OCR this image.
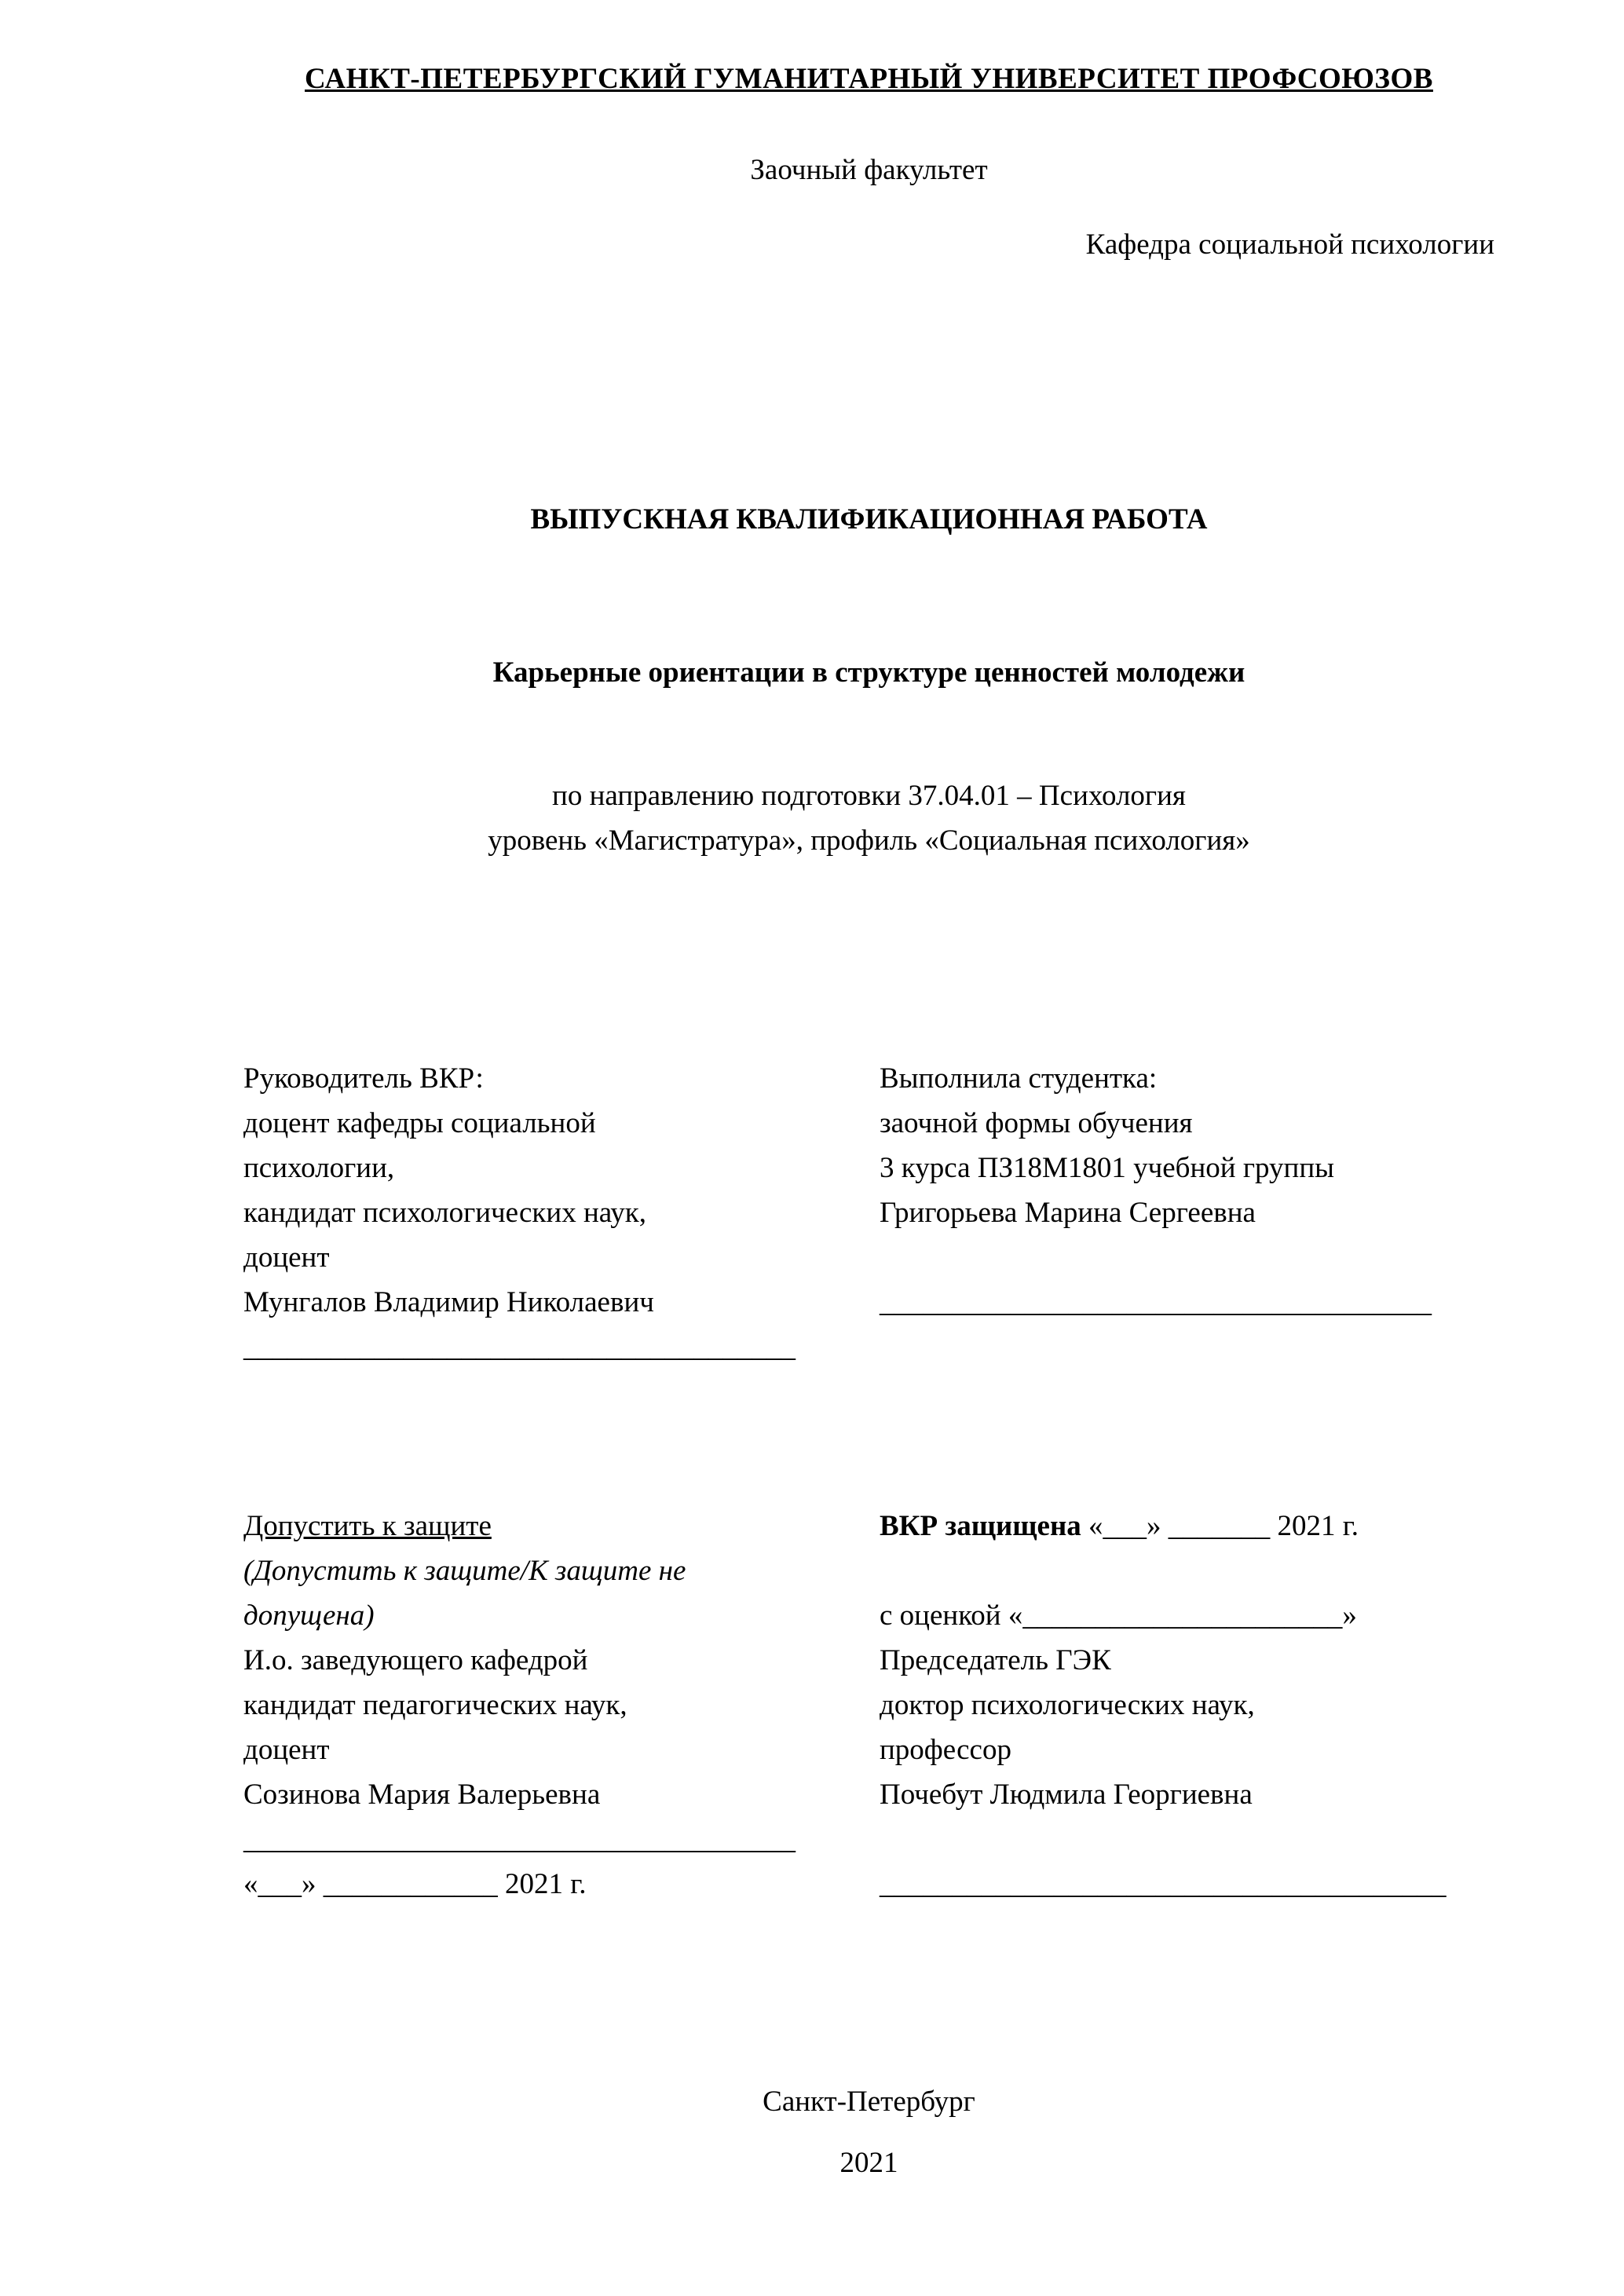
САНКТ-ПЕТЕРБУРГСКИЙ ГУМАНИТАРНЫЙ УНИВЕРСИТЕТ ПРОФСОЮЗОВ
Заочный факультет
Кафедра социальной психологии
ВЫПУСКНАЯ КВАЛИФИКАЦИОННАЯ РАБОТА
Карьерные ориентации в структуре ценностей молодежи
по направлению подготовки 37.04.01 – Психология
уровень «Магистратура», профиль «Социальная психология»
Руководитель ВКР:
доцент кафедры социальной
психологии,
кандидат психологических наук,
доцент
Мунгалов Владимир Николаевич
______________________________________
Выполнила студентка:
заочной формы обучения
3 курса ПЗ18М1801 учебной группы
Григорьева Марина Сергеевна
______________________________________
Допустить к защите
(Допустить к защите/К защите не
допущена)
И.о. заведующего кафедрой
кандидат педагогических наук,
доцент
Созинова Мария Валерьевна
______________________________________
«___» ____________ 2021 г.
ВКР защищена «___» _______ 2021 г.
с оценкой «______________________»
Председатель ГЭК
доктор психологических наук,
профессор
Почебут Людмила Георгиевна
_______________________________________
Санкт-Петербург
2021
